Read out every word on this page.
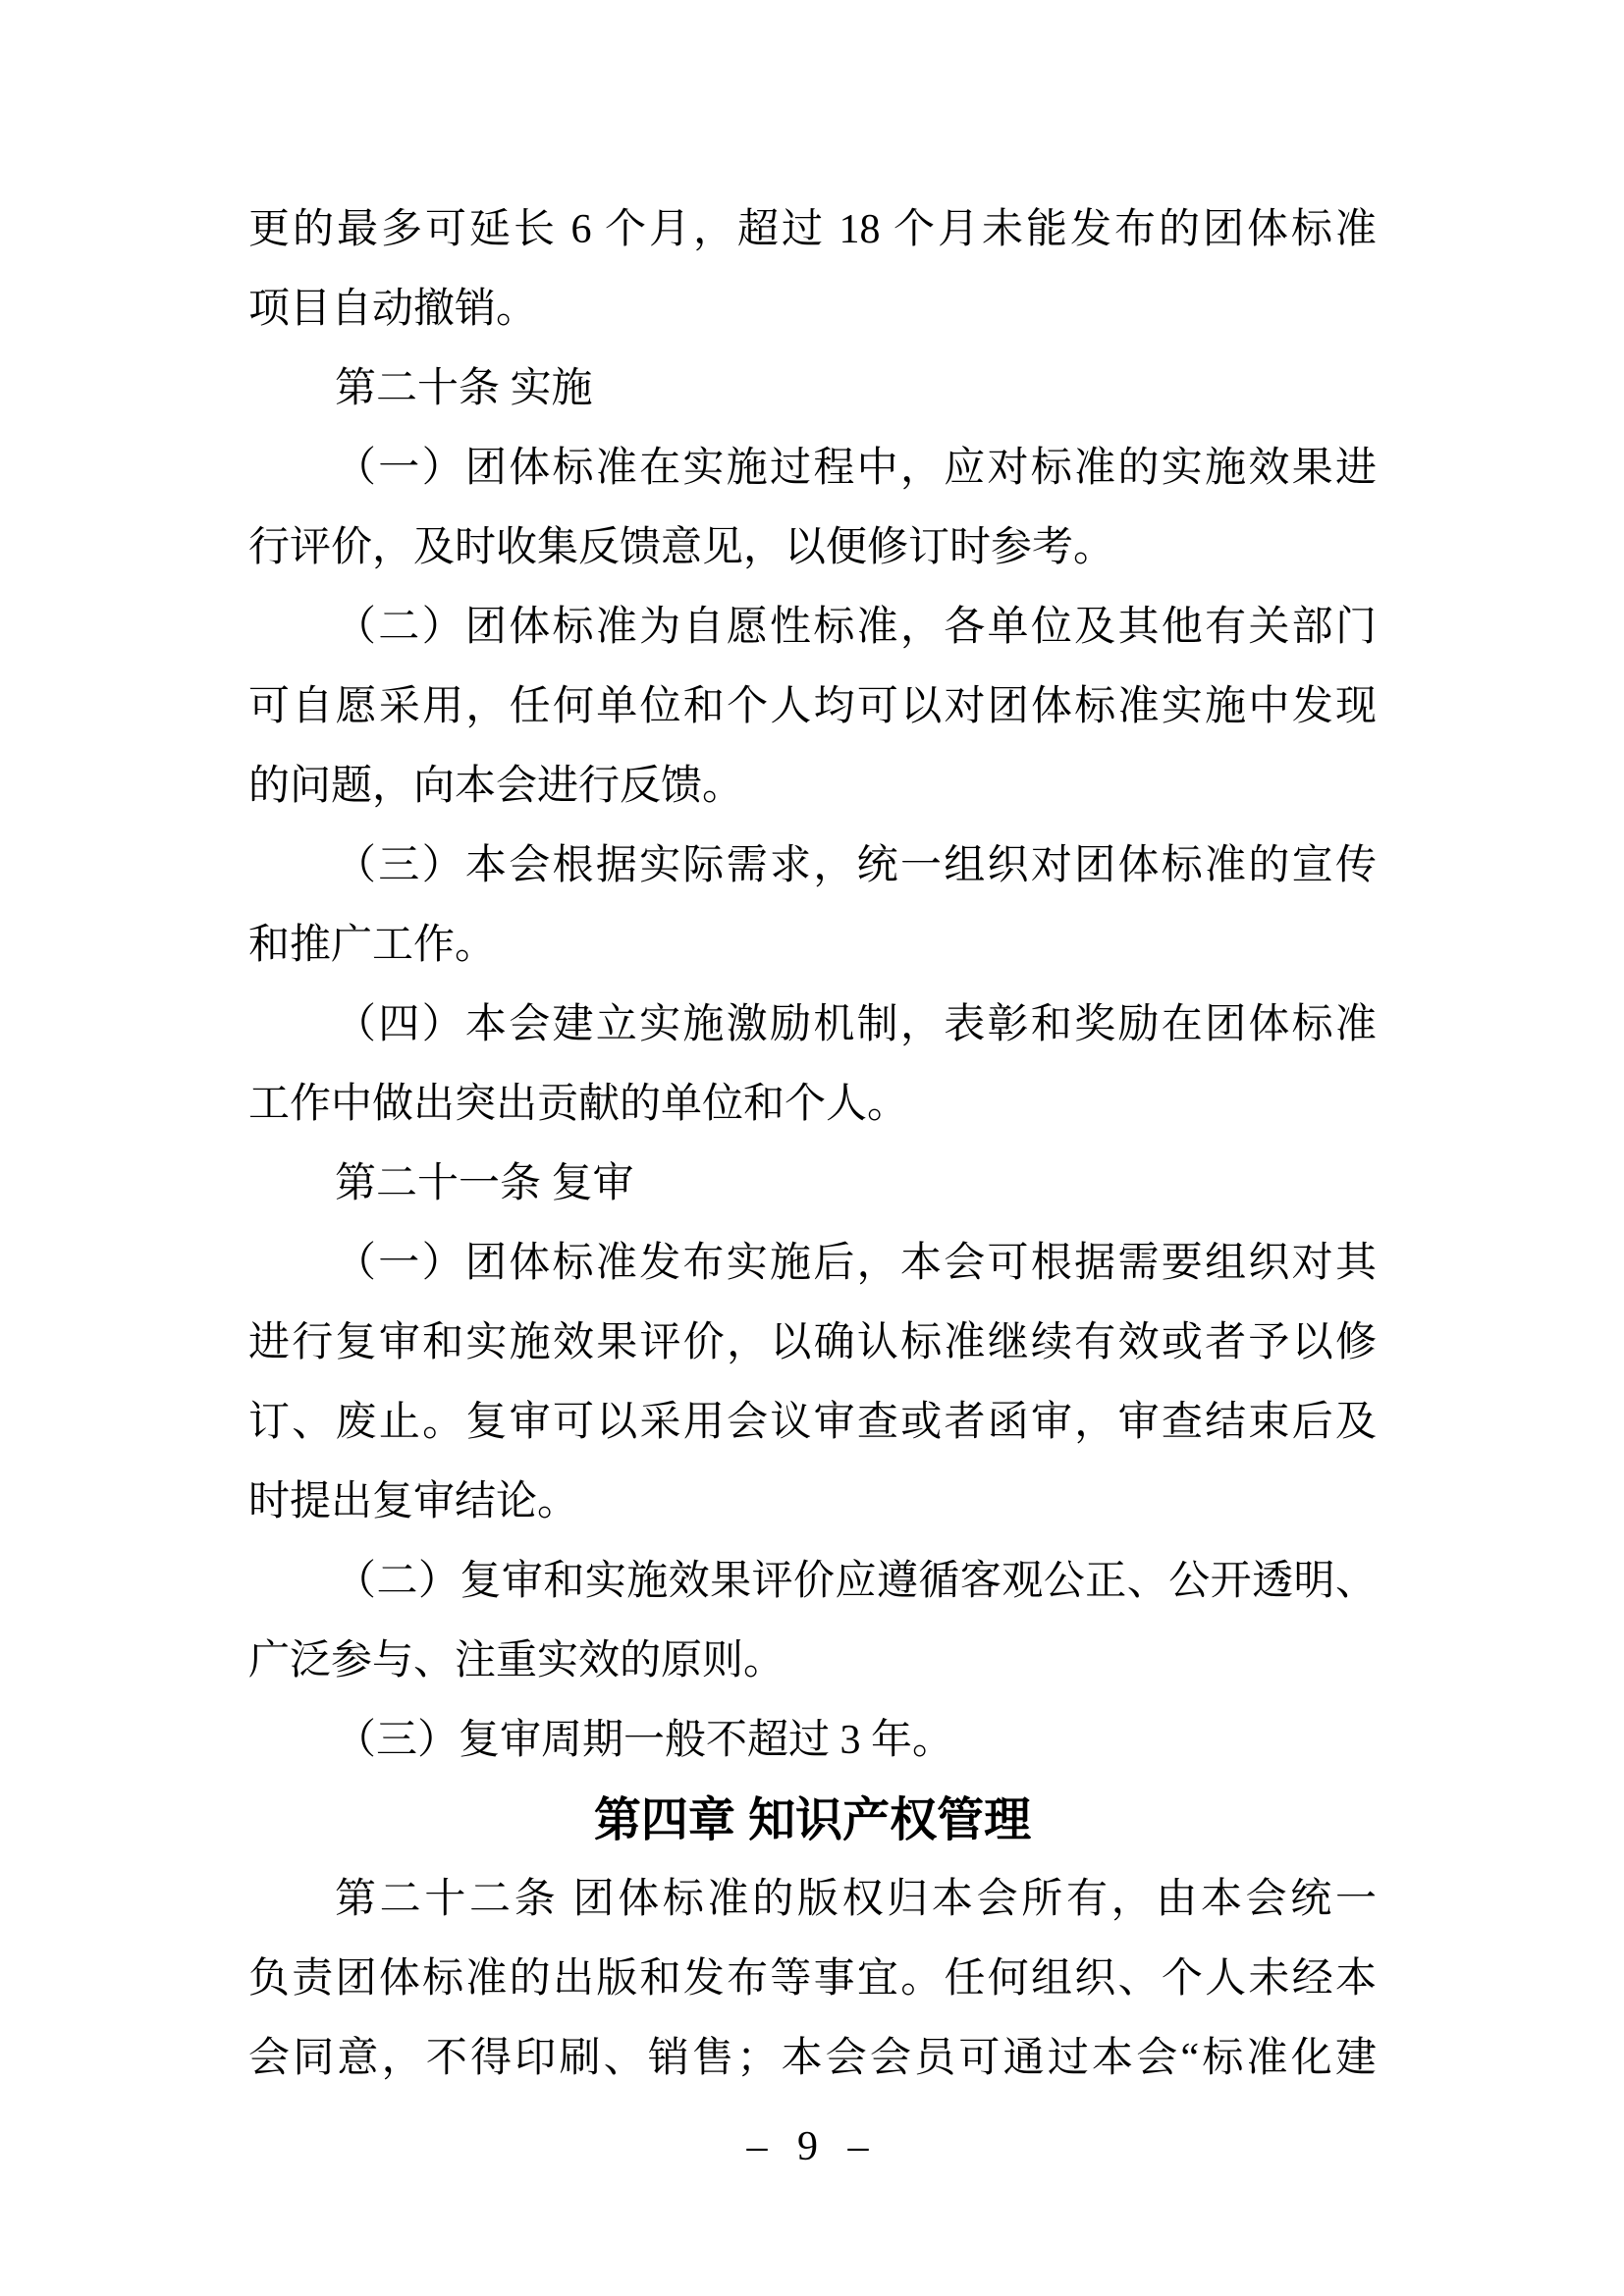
更的最多可延长 6 个月，超过 18 个月未能发布的团体标准
项目自动撤销。
第二十条 实施
（一）团体标准在实施过程中，应对标准的实施效果进
行评价，及时收集反馈意见，以便修订时参考。
（二）团体标准为自愿性标准，各单位及其他有关部门
可自愿采用，任何单位和个人均可以对团体标准实施中发现
的问题，向本会进行反馈。
（三）本会根据实际需求，统一组织对团体标准的宣传
和推广工作。
（四）本会建立实施激励机制，表彰和奖励在团体标准
工作中做出突出贡献的单位和个人。
第二十一条 复审
（一）团体标准发布实施后，本会可根据需要组织对其
进行复审和实施效果评价，以确认标准继续有效或者予以修
订、废止。复审可以采用会议审查或者函审，审查结束后及
时提出复审结论。
（二）复审和实施效果评价应遵循客观公正、公开透明、
广泛参与、注重实效的原则。
（三）复审周期一般不超过 3 年。
第四章 知识产权管理
第二十二条 团体标准的版权归本会所有，由本会统一
负责团体标准的出版和发布等事宜。任何组织、个人未经本
会同意，不得印刷、销售；本会会员可通过本会“标准化建
– 9 –
